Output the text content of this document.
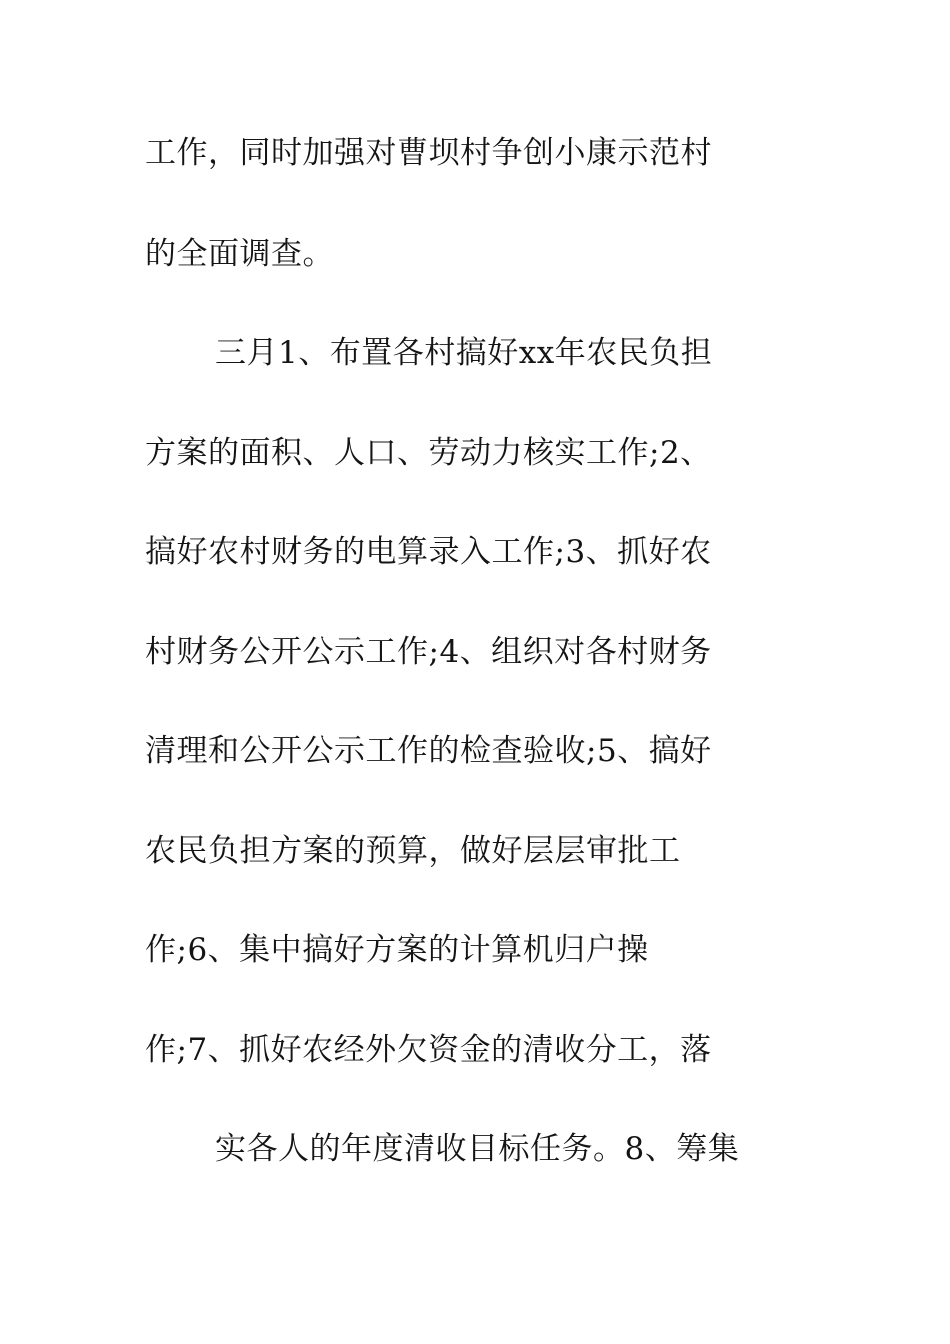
工作，同时加强对曹坝村争创小康示范村

的全面调查。

三月1、布置各村搞好xx年农民负担

方案的面积、人口、劳动力核实工作;2、

搞好农村财务的电算录入工作;3、抓好农

村财务公开公示工作;4、组织对各村财务

清理和公开公示工作的检查验收;5、搞好

农民负担方案的预算，做好层层审批工

作;6、集中搞好方案的计算机归户操

作;7、抓好农经外欠资金的清收分工，落

实各人的年度清收目标任务。8、筹集
